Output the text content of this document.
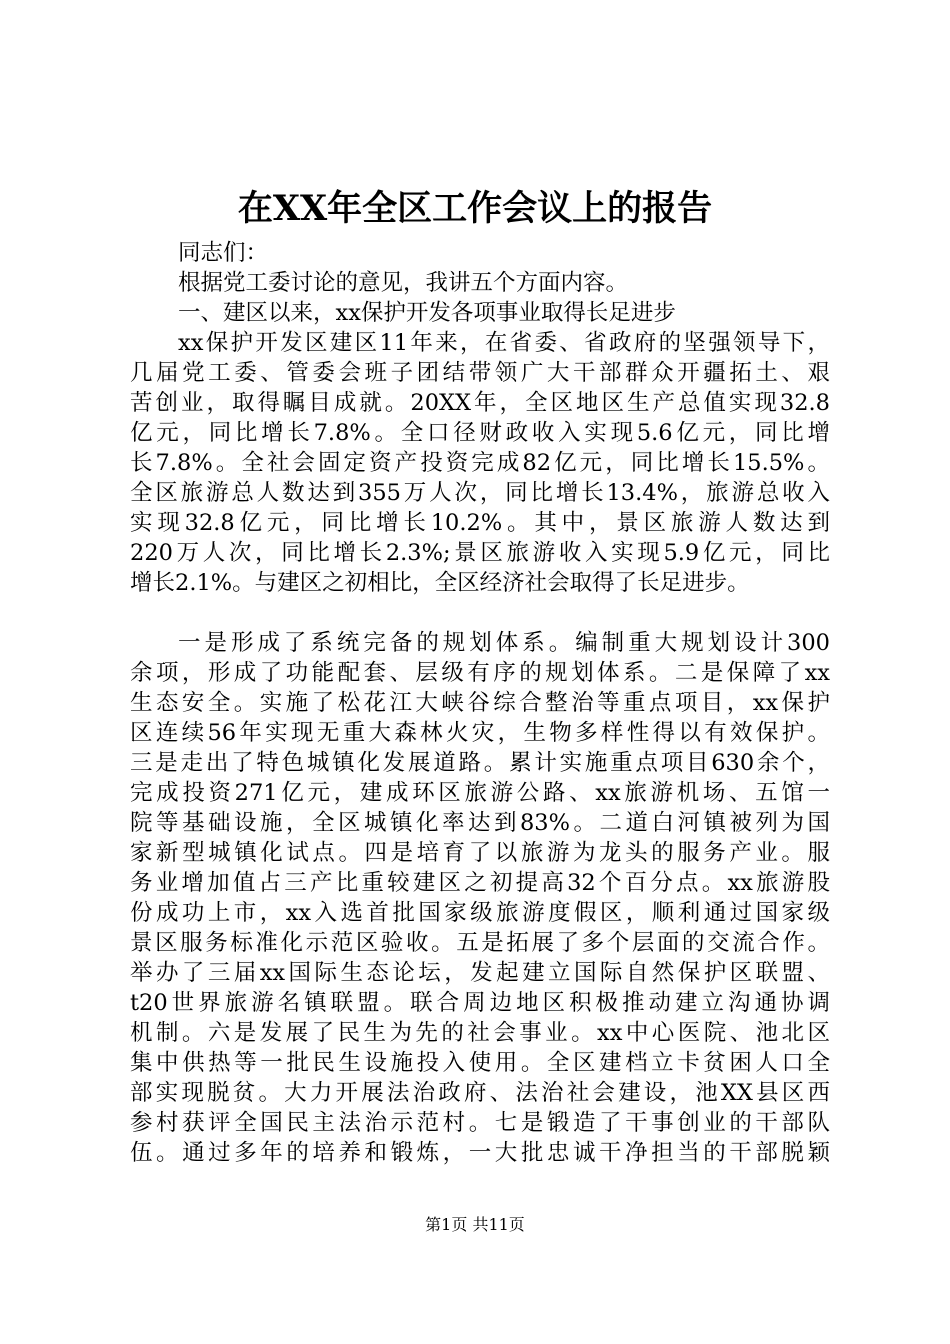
在XX年全区工作会议上的报告
同志们：
根据党工委讨论的意见，我讲五个方面内容。
一、建区以来，xx保护开发各项事业取得长足进步
xx保护开发区建区11年来，在省委、省政府的坚强领导下，
几届党工委、管委会班子团结带领广大干部群众开疆拓土、艰
苦创业，取得瞩目成就。20XX年，全区地区生产总值实现32.8
亿元，同比增长7.8%。全口径财政收入实现5.6亿元，同比增
长7.8%。全社会固定资产投资完成82亿元，同比增长15.5%。
全区旅游总人数达到355万人次，同比增长13.4%，旅游总收入
实现32.8亿元，同比增长10.2%。其中，景区旅游人数达到
220万人次，同比增长2.3%;景区旅游收入实现5.9亿元，同比
增长2.1%。与建区之初相比，全区经济社会取得了长足进步。
一是形成了系统完备的规划体系。编制重大规划设计300
余项，形成了功能配套、层级有序的规划体系。二是保障了xx
生态安全。实施了松花江大峡谷综合整治等重点项目，xx保护
区连续56年实现无重大森林火灾，生物多样性得以有效保护。
三是走出了特色城镇化发展道路。累计实施重点项目630余个，
完成投资271亿元，建成环区旅游公路、xx旅游机场、五馆一
院等基础设施，全区城镇化率达到83%。二道白河镇被列为国
家新型城镇化试点。四是培育了以旅游为龙头的服务产业。服
务业增加值占三产比重较建区之初提高32个百分点。xx旅游股
份成功上市，xx入选首批国家级旅游度假区，顺利通过国家级
景区服务标准化示范区验收。五是拓展了多个层面的交流合作。
举办了三届xx国际生态论坛，发起建立国际自然保护区联盟、
t20世界旅游名镇联盟。联合周边地区积极推动建立沟通协调
机制。六是发展了民生为先的社会事业。xx中心医院、池北区
集中供热等一批民生设施投入使用。全区建档立卡贫困人口全
部实现脱贫。大力开展法治政府、法治社会建设，池XX县区西
参村获评全国民主法治示范村。七是锻造了干事创业的干部队
伍。通过多年的培养和锻炼，一大批忠诚干净担当的干部脱颖
第1页 共11页
